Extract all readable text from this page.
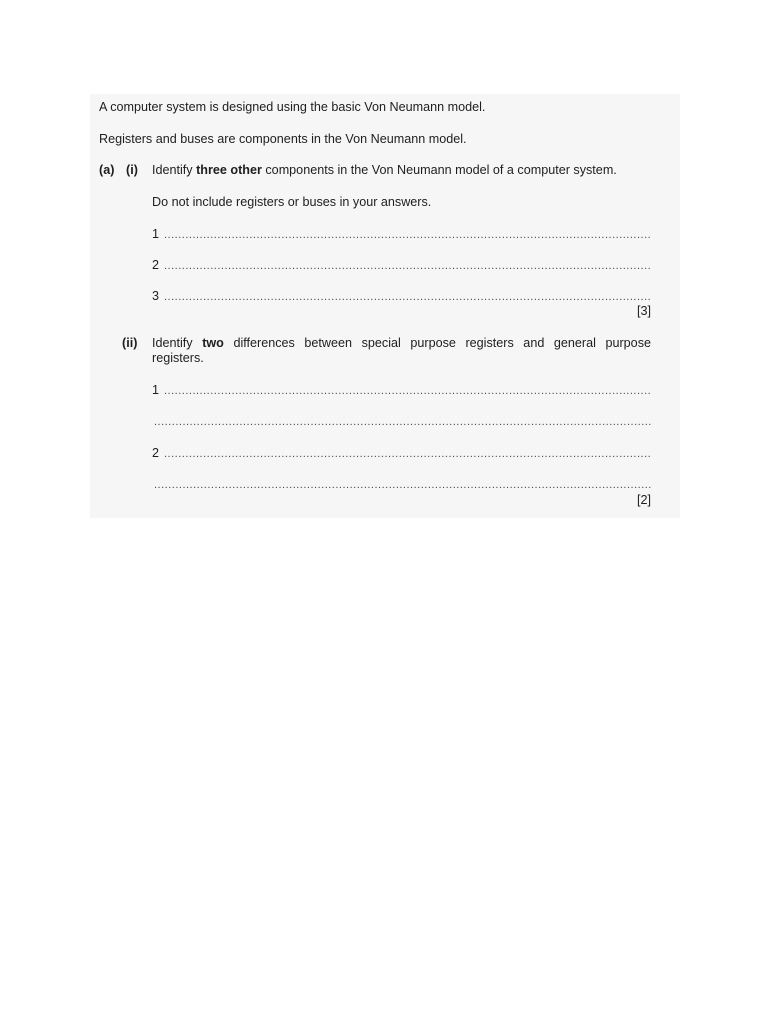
A computer system is designed using the basic Von Neumann model.
Registers and buses are components in the Von Neumann model.
(a) (i) Identify three other components in the Von Neumann model of a computer system.
Do not include registers or buses in your answers.
1
.....
2
.....
3
.....
[3]
(ii) Identify two differences between special purpose registers and general purpose
registers.
1
.....
.....
2
.....
.....
[2]
